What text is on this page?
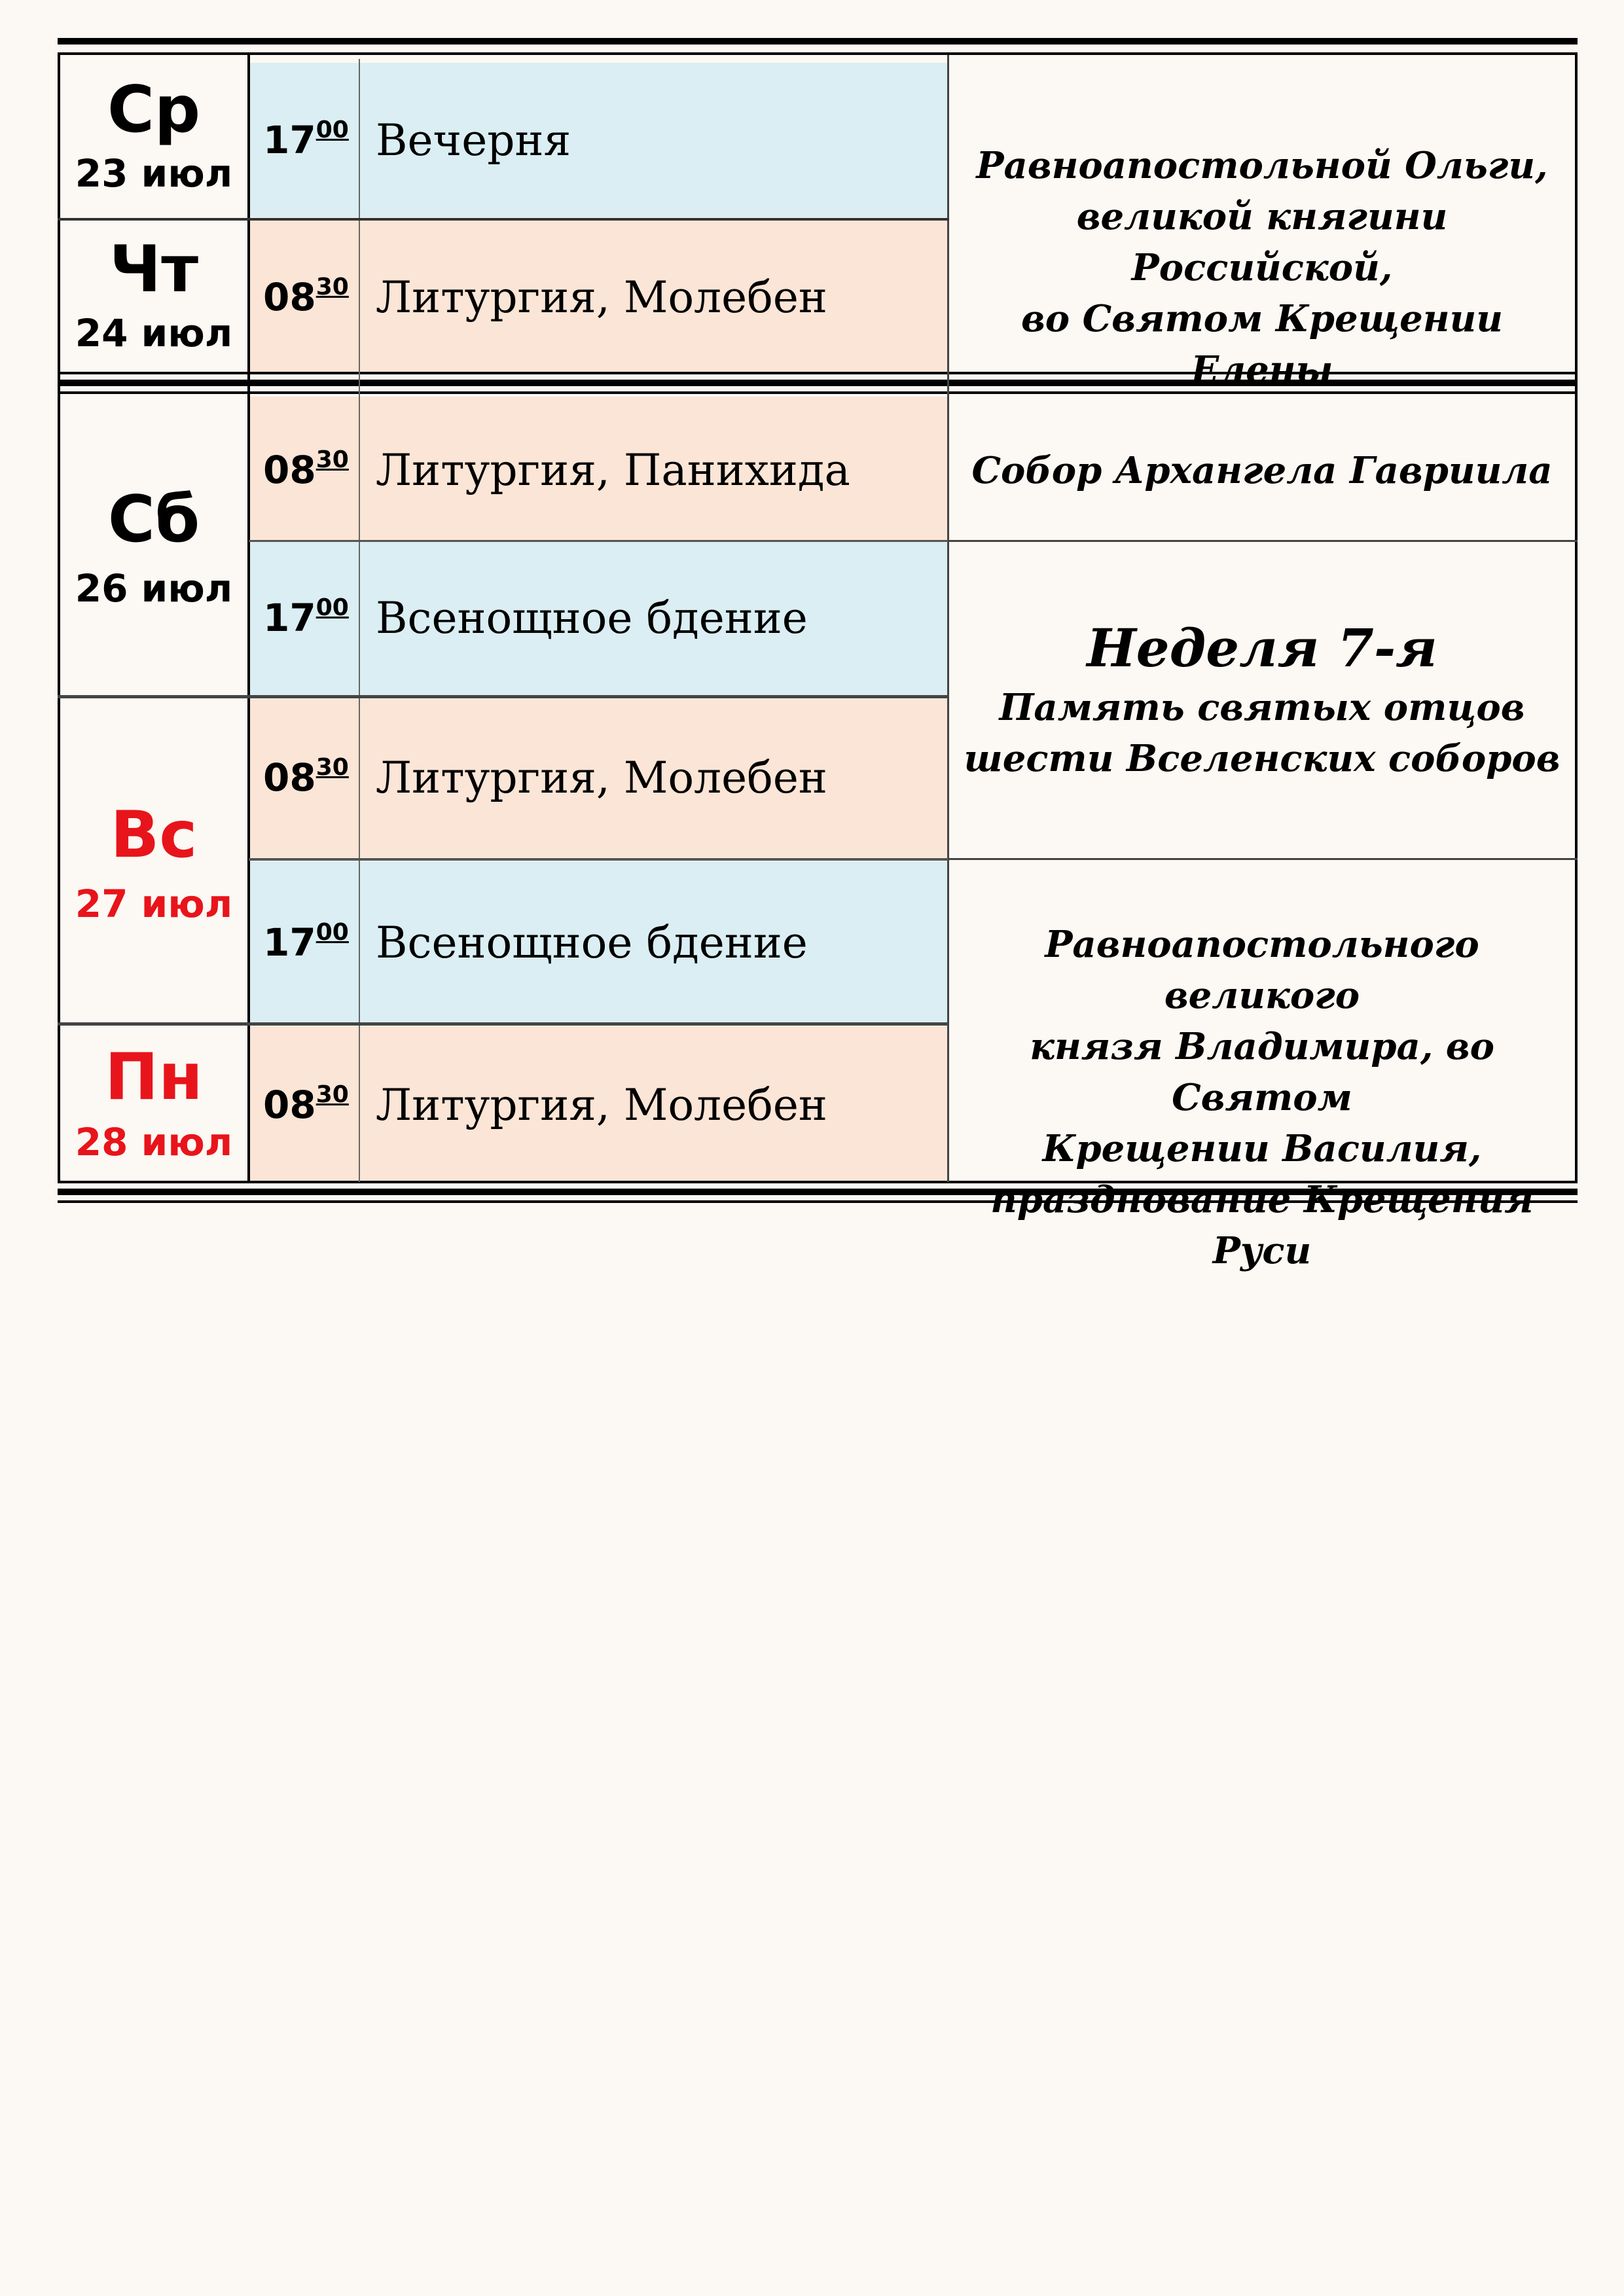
Ср
23 июл
Чт
24 июл
Сб
26 июл
Вс
27 июл
Пн
28 июл
$17^{00}$
$08^{30}$
$08^{30}$
$17^{00}$
$08^{30}$
$17^{00}$
$08^{30}$
Вечерня
Литургия, Молебен
Литургия, Панихида
Всенощное бдение
Литургия, Молебен
Всенощное бдение
Литургия, Молебен
Равноапостольной Ольги,
великой княгини Российской,
во Святом Крещении Елены
Собор Архангела Гавриила
Неделя 7-я
Память святых отцов
шести Вселенских соборов
Равноапостольного великого
князя Владимира, во Святом
Крещении Василия,
празднование Крещения Руси
